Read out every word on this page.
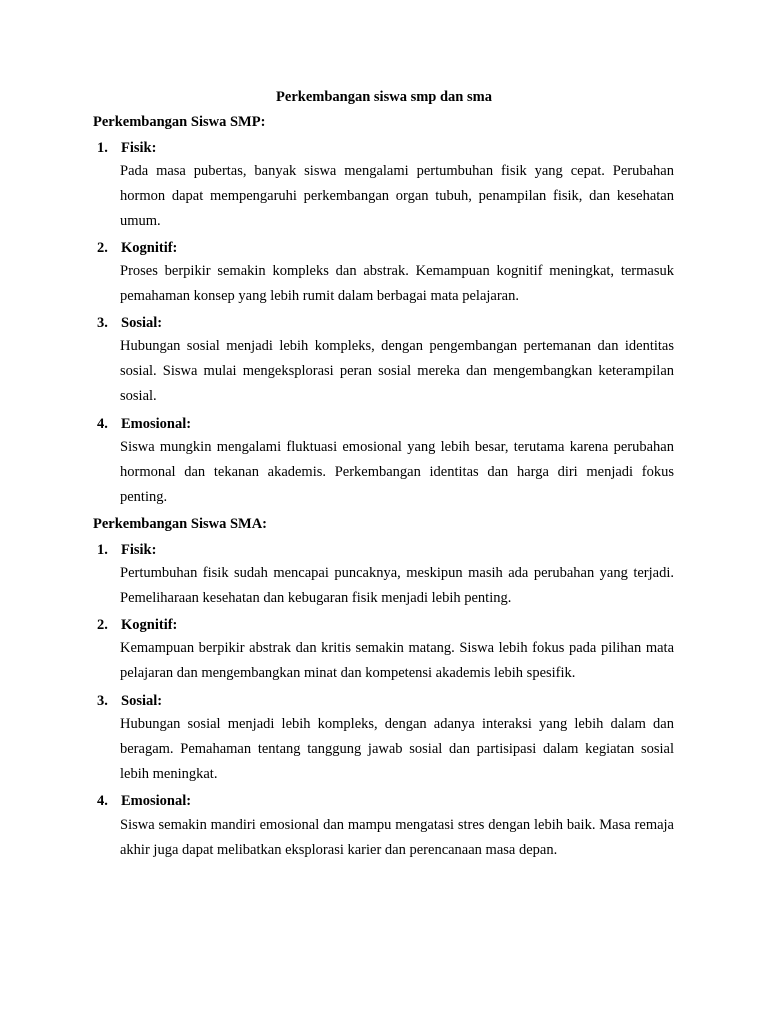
Perkembangan siswa smp dan sma
Perkembangan Siswa SMP:
1. Fisik:
Pada masa pubertas, banyak siswa mengalami pertumbuhan fisik yang cepat. Perubahan hormon dapat mempengaruhi perkembangan organ tubuh, penampilan fisik, dan kesehatan umum.
2. Kognitif:
Proses berpikir semakin kompleks dan abstrak. Kemampuan kognitif meningkat, termasuk pemahaman konsep yang lebih rumit dalam berbagai mata pelajaran.
3. Sosial:
Hubungan sosial menjadi lebih kompleks, dengan pengembangan pertemanan dan identitas sosial. Siswa mulai mengeksplorasi peran sosial mereka dan mengembangkan keterampilan sosial.
4. Emosional:
Siswa mungkin mengalami fluktuasi emosional yang lebih besar, terutama karena perubahan hormonal dan tekanan akademis. Perkembangan identitas dan harga diri menjadi fokus penting.
Perkembangan Siswa SMA:
1. Fisik:
Pertumbuhan fisik sudah mencapai puncaknya, meskipun masih ada perubahan yang terjadi. Pemeliharaan kesehatan dan kebugaran fisik menjadi lebih penting.
2. Kognitif:
Kemampuan berpikir abstrak dan kritis semakin matang. Siswa lebih fokus pada pilihan mata pelajaran dan mengembangkan minat dan kompetensi akademis lebih spesifik.
3. Sosial:
Hubungan sosial menjadi lebih kompleks, dengan adanya interaksi yang lebih dalam dan beragam. Pemahaman tentang tanggung jawab sosial dan partisipasi dalam kegiatan sosial lebih meningkat.
4. Emosional:
Siswa semakin mandiri emosional dan mampu mengatasi stres dengan lebih baik. Masa remaja akhir juga dapat melibatkan eksplorasi karier dan perencanaan masa depan.
